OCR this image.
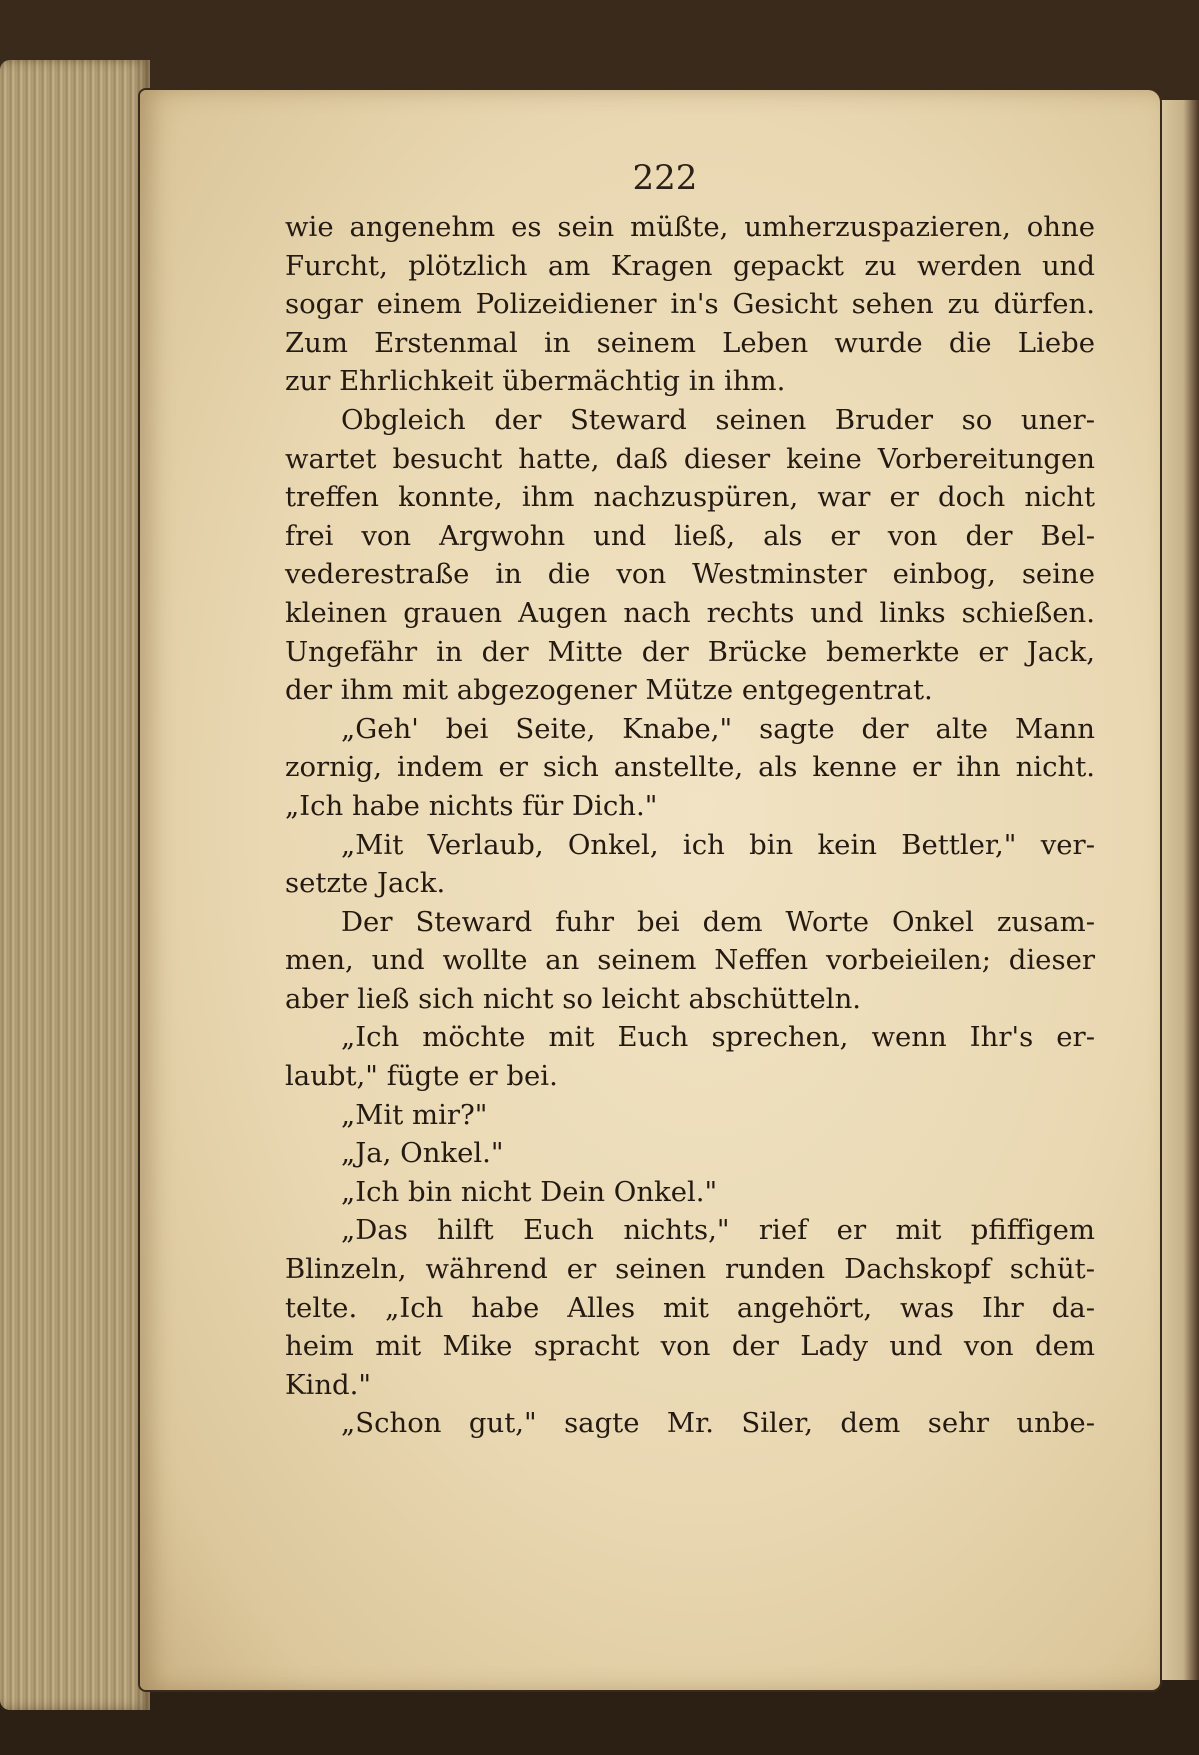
222
wie angenehm es sein müßte, umherzuspazieren, ohne
Furcht, plötzlich am Kragen gepackt zu werden und
sogar einem Polizeidiener in's Gesicht sehen zu dürfen.
Zum Erstenmal in seinem Leben wurde die Liebe
zur Ehrlichkeit übermächtig in ihm.
Obgleich der Steward seinen Bruder so uner-
wartet besucht hatte, daß dieser keine Vorbereitungen
treffen konnte, ihm nachzuspüren, war er doch nicht
frei von Argwohn und ließ, als er von der Bel-
vederestraße in die von Westminster einbog, seine
kleinen grauen Augen nach rechts und links schießen.
Ungefähr in der Mitte der Brücke bemerkte er Jack,
der ihm mit abgezogener Mütze entgegentrat.
„Geh' bei Seite, Knabe," sagte der alte Mann
zornig, indem er sich anstellte, als kenne er ihn nicht.
„Ich habe nichts für Dich."
„Mit Verlaub, Onkel, ich bin kein Bettler," ver-
setzte Jack.
Der Steward fuhr bei dem Worte Onkel zusam-
men, und wollte an seinem Neffen vorbeieilen; dieser
aber ließ sich nicht so leicht abschütteln.
„Ich möchte mit Euch sprechen, wenn Ihr's er-
laubt," fügte er bei.
„Mit mir?"
„Ja, Onkel."
„Ich bin nicht Dein Onkel."
„Das hilft Euch nichts," rief er mit pfiffigem
Blinzeln, während er seinen runden Dachskopf schüt-
telte. „Ich habe Alles mit angehört, was Ihr da-
heim mit Mike spracht von der Lady und von dem
Kind."
„Schon gut," sagte Mr. Siler, dem sehr unbe-
